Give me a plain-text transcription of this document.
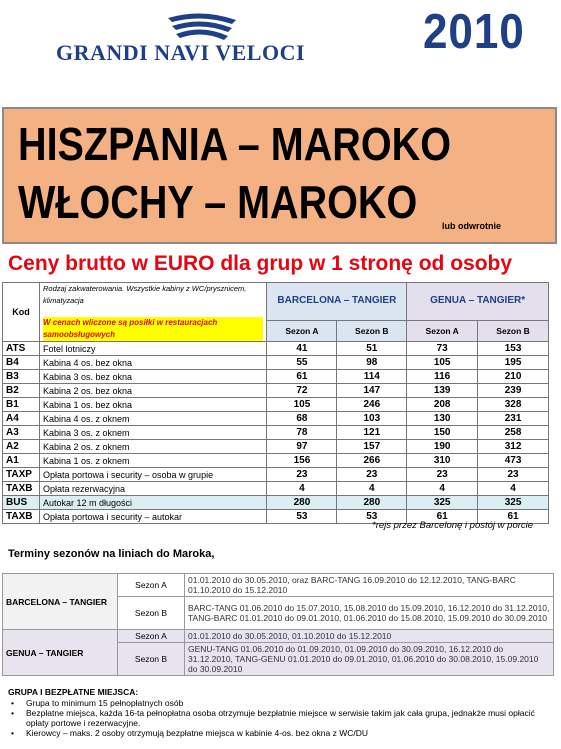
GRANDI NAVI VELOCI 2010
HISZPANIA – MAROKO
WŁOCHY – MAROKO	lub odwrotnie
Ceny brutto w EURO dla grup w 1 stronę od osoby
Kod	Rodzaj zakwaterowania. Wszystkie kabiny z WC/prysznicem, klimatyzacja
W cenach wliczone są posiłki w restauracjach samoobsługowych	BARCELONA – TANGIER		GENUA – TANGIER*	
		Sezon A	Sezon B	Sezon A	Sezon B
ATS	Fotel lotniczy	41	51	73	153
B4	Kabina 4 os. bez okna	55	98	105	195
B3	Kabina 3 os. bez okna	61	114	116	210
B2	Kabina 2 os. bez okna	72	147	139	239
B1	Kabina 1 os. bez okna	105	246	208	328
A4	Kabina 4 os. z oknem	68	103	130	231
A3	Kabina 3 os. z oknem	78	121	150	258
A2	Kabina 2 os. z oknem	97	157	190	312
A1	Kabina 1 os. z oknem	156	266	310	473
TAXP	Opłata portowa i security – osoba w grupie	23	23	23	23
TAXB	Opłata rezerwacyjna	4	4	4	4
BUS	Autokar 12 m długości	280	280	325	325
TAXB	Opłata portowa i security – autokar	53	53	61	61
*rejs przez Barcelonę i postój w porcie
Terminy sezonów na liniach do Maroka,
BARCELONA – TANGIER	Sezon A	01.01.2010 do 30.05.2010, oraz BARC-TANG 16.09.2010 do 12.12.2010, TANG-BARC 01.10.2010 do 15.12.2010
	Sezon B	BARC-TANG 01.06.2010 do 15.07.2010, 15.08.2010 do 15.09.2010, 16.12.2010 do 31.12.2010, TANG-BARC 01.01.2010 do 09.01.2010, 01.06.2010 do 15.08.2010, 15.09.2010 do 30.09.2010
GENUA – TANGIER	Sezon A	01.01.2010 do 30.05.2010, 01.10.2010 do 15.12.2010
	Sezon B	GENU-TANG 01.06.2010 do 01.09.2010, 01.09.2010 do 30.09.2010, 16.12.2010 do 31.12.2010, TANG-GENU 01.01.2010 do 09.01.2010, 01.06.2010 do 30.08.2010, 15.09.2010 do 30.09.2010
GRUPA I BEZPŁATNE MIEJSCA:
• Grupa to minimum 15 pełnopłatnych osób
• Bezpłatne miejsca, każda 16-ta pełnopłatna osoba otrzymuje bezpłatnie miejsce w serwisie takim jak cała grupa, jednakże musi opłacić opłaty portowe i rezerwacyjne.
• Kierowcy – maks. 2 osoby otrzymują bezpłatne miejsca w kabinie 4-os. bez okna z WC/DU
